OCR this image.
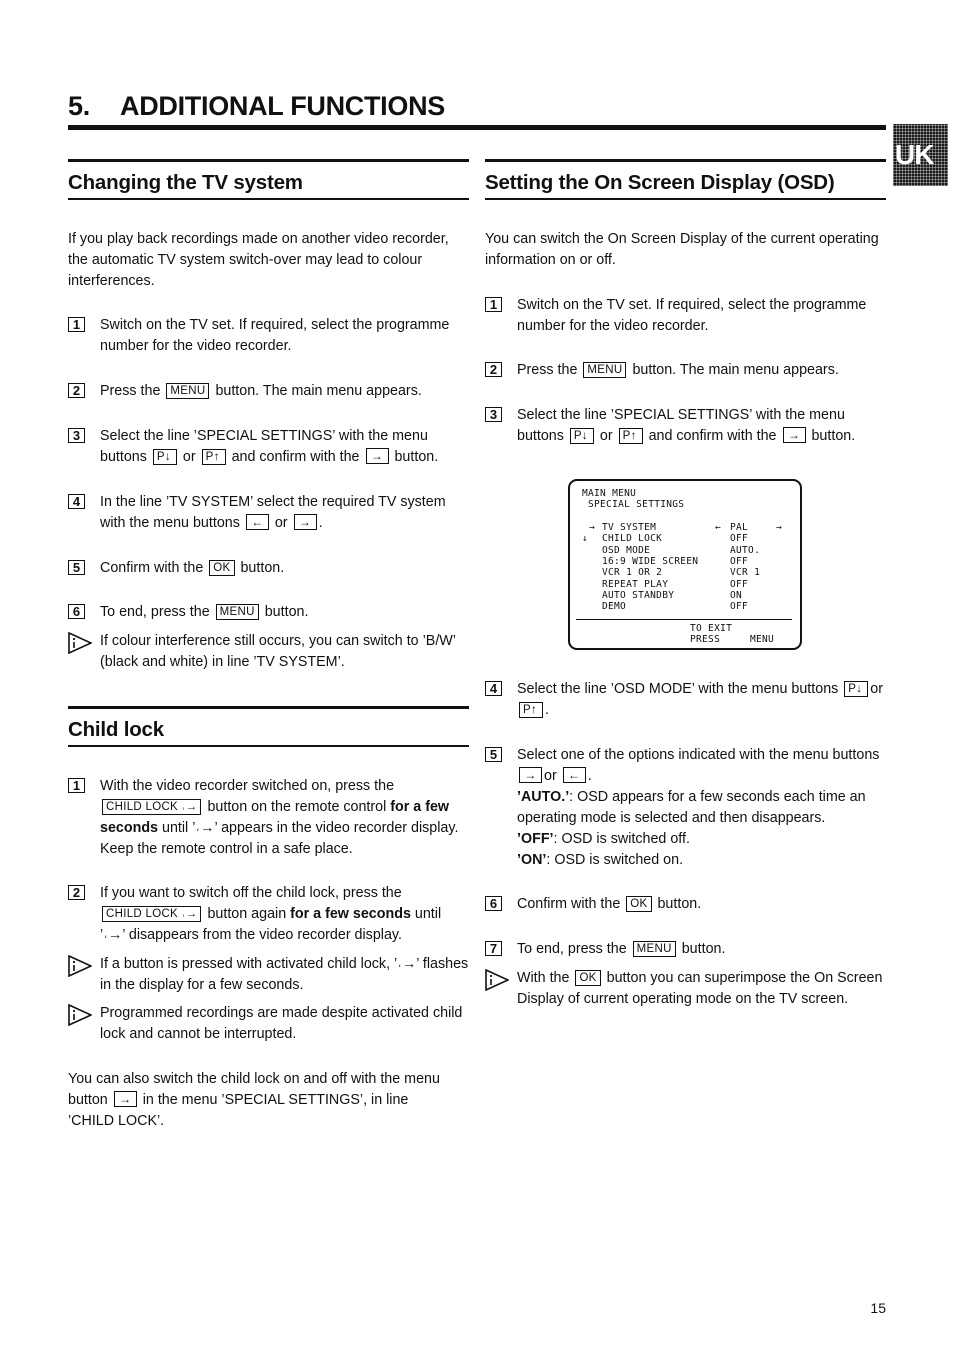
5. ADDITIONAL FUNCTIONS
UK
Changing the TV system

If you play back recordings made on another video recorder, the automatic TV system switch-over may lead to colour interferences.

1	Switch on the TV set. If required, select the programme number for the video recorder.
2	Press the MENU button. The main menu appears.
3	Select the line ’SPECIAL SETTINGS’ with the menu buttons P↓ or P↑ and confirm with the → button.
4	In the line ’TV SYSTEM’ select the required TV system with the menu buttons ← or → .
5	Confirm with the OK button.
6	To end, press the MENU button.
If colour interference still occurs, you can switch to ’B/W’ (black and white) in line ’TV SYSTEM’.
Child lock
1	With the video recorder switched on, press the CHILD LOCK ˓→ button on the remote control for a few seconds until ’˓→’ appears in the video recorder display. Keep the remote control in a safe place.
2	If you want to switch off the child lock, press the CHILD LOCK ˓→ button again for a few seconds until ’˓→’ disappears from the video recorder display.
If a button is pressed with activated child lock, ’˓→’ flashes in the display for a few seconds.
Programmed recordings are made despite activated child lock and cannot be interrupted.

You can also switch the child lock on and off with the menu button → in the menu ’SPECIAL SETTINGS’, in line ’CHILD LOCK’.

Setting the On Screen Display (OSD)

You can switch the On Screen Display of the current operating information on or off.

1	Switch on the TV set. If required, select the programme number for the video recorder.
2	Press the MENU button. The main menu appears.
3	Select the line ’SPECIAL SETTINGS’ with the menu buttons P↓ or P↑ and confirm with the → button.
MAIN MENU
SPECIAL SETTINGS
→
↓
←	→
TV SYSTEM	PAL
CHILD LOCK	OFF
OSD MODE	AUTO.
16:9 WIDE SCREEN	OFF
VCR 1 OR 2	VCR 1
REPEAT PLAY	OFF
AUTO STANDBY	ON
DEMO	OFF
TO EXIT
PRESS	MENU
4	Select the line ’OSD MODE’ with the menu buttons P↓ or P↑ .
5	Select one of the options indicated with the menu buttons → or ← .
’AUTO.’: OSD appears for a few seconds each time an operating mode is selected and then disappears.
’OFF’: OSD is switched off.
’ON’: OSD is switched on.
6	Confirm with the OK button.
7	To end, press the MENU button.
With the OK button you can superimpose the On Screen Display of current operating mode on the TV screen.
15
